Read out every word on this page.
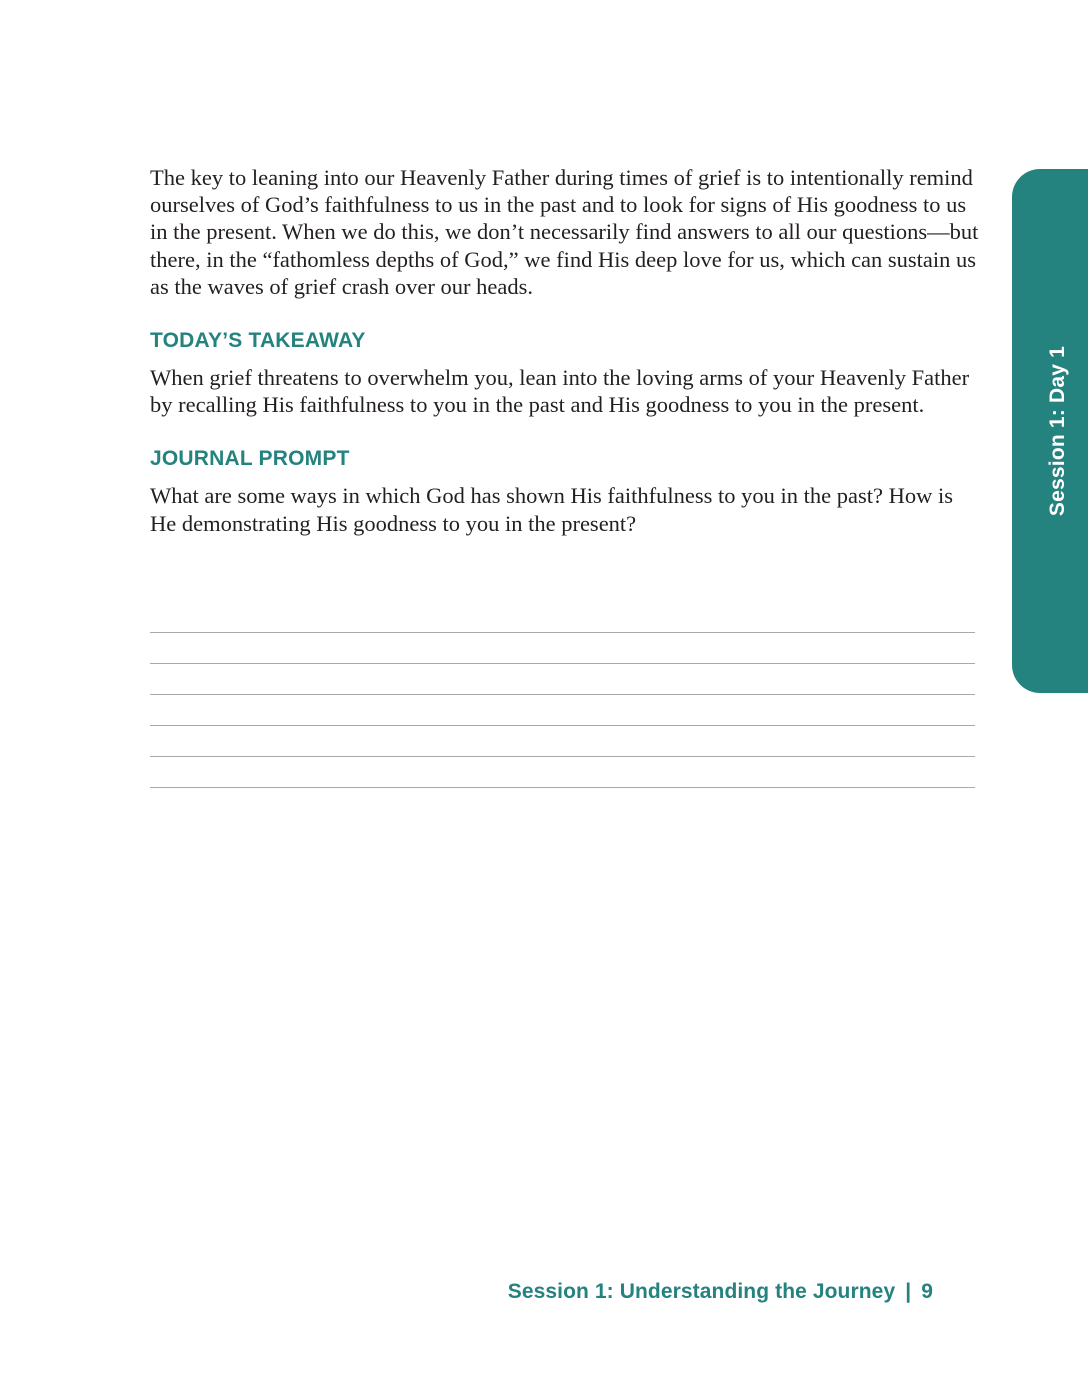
The key to leaning into our Heavenly Father during times of grief is to intentionally remind ourselves of God’s faithfulness to us in the past and to look for signs of His goodness to us in the present. When we do this, we don’t necessarily find answers to all our questions—but there, in the “fathomless depths of God,” we find His deep love for us, which can sustain us as the waves of grief crash over our heads.

TODAY’S TAKEAWAY

When grief threatens to overwhelm you, lean into the loving arms of your Heavenly Father by recalling His faithfulness to you in the past and His goodness to you in the present.

JOURNAL PROMPT

What are some ways in which God has shown His faithfulness to you in the past? How is He demonstrating His goodness to you in the present?

Session 1: Day 1
Session 1: Understanding the Journey | 9
